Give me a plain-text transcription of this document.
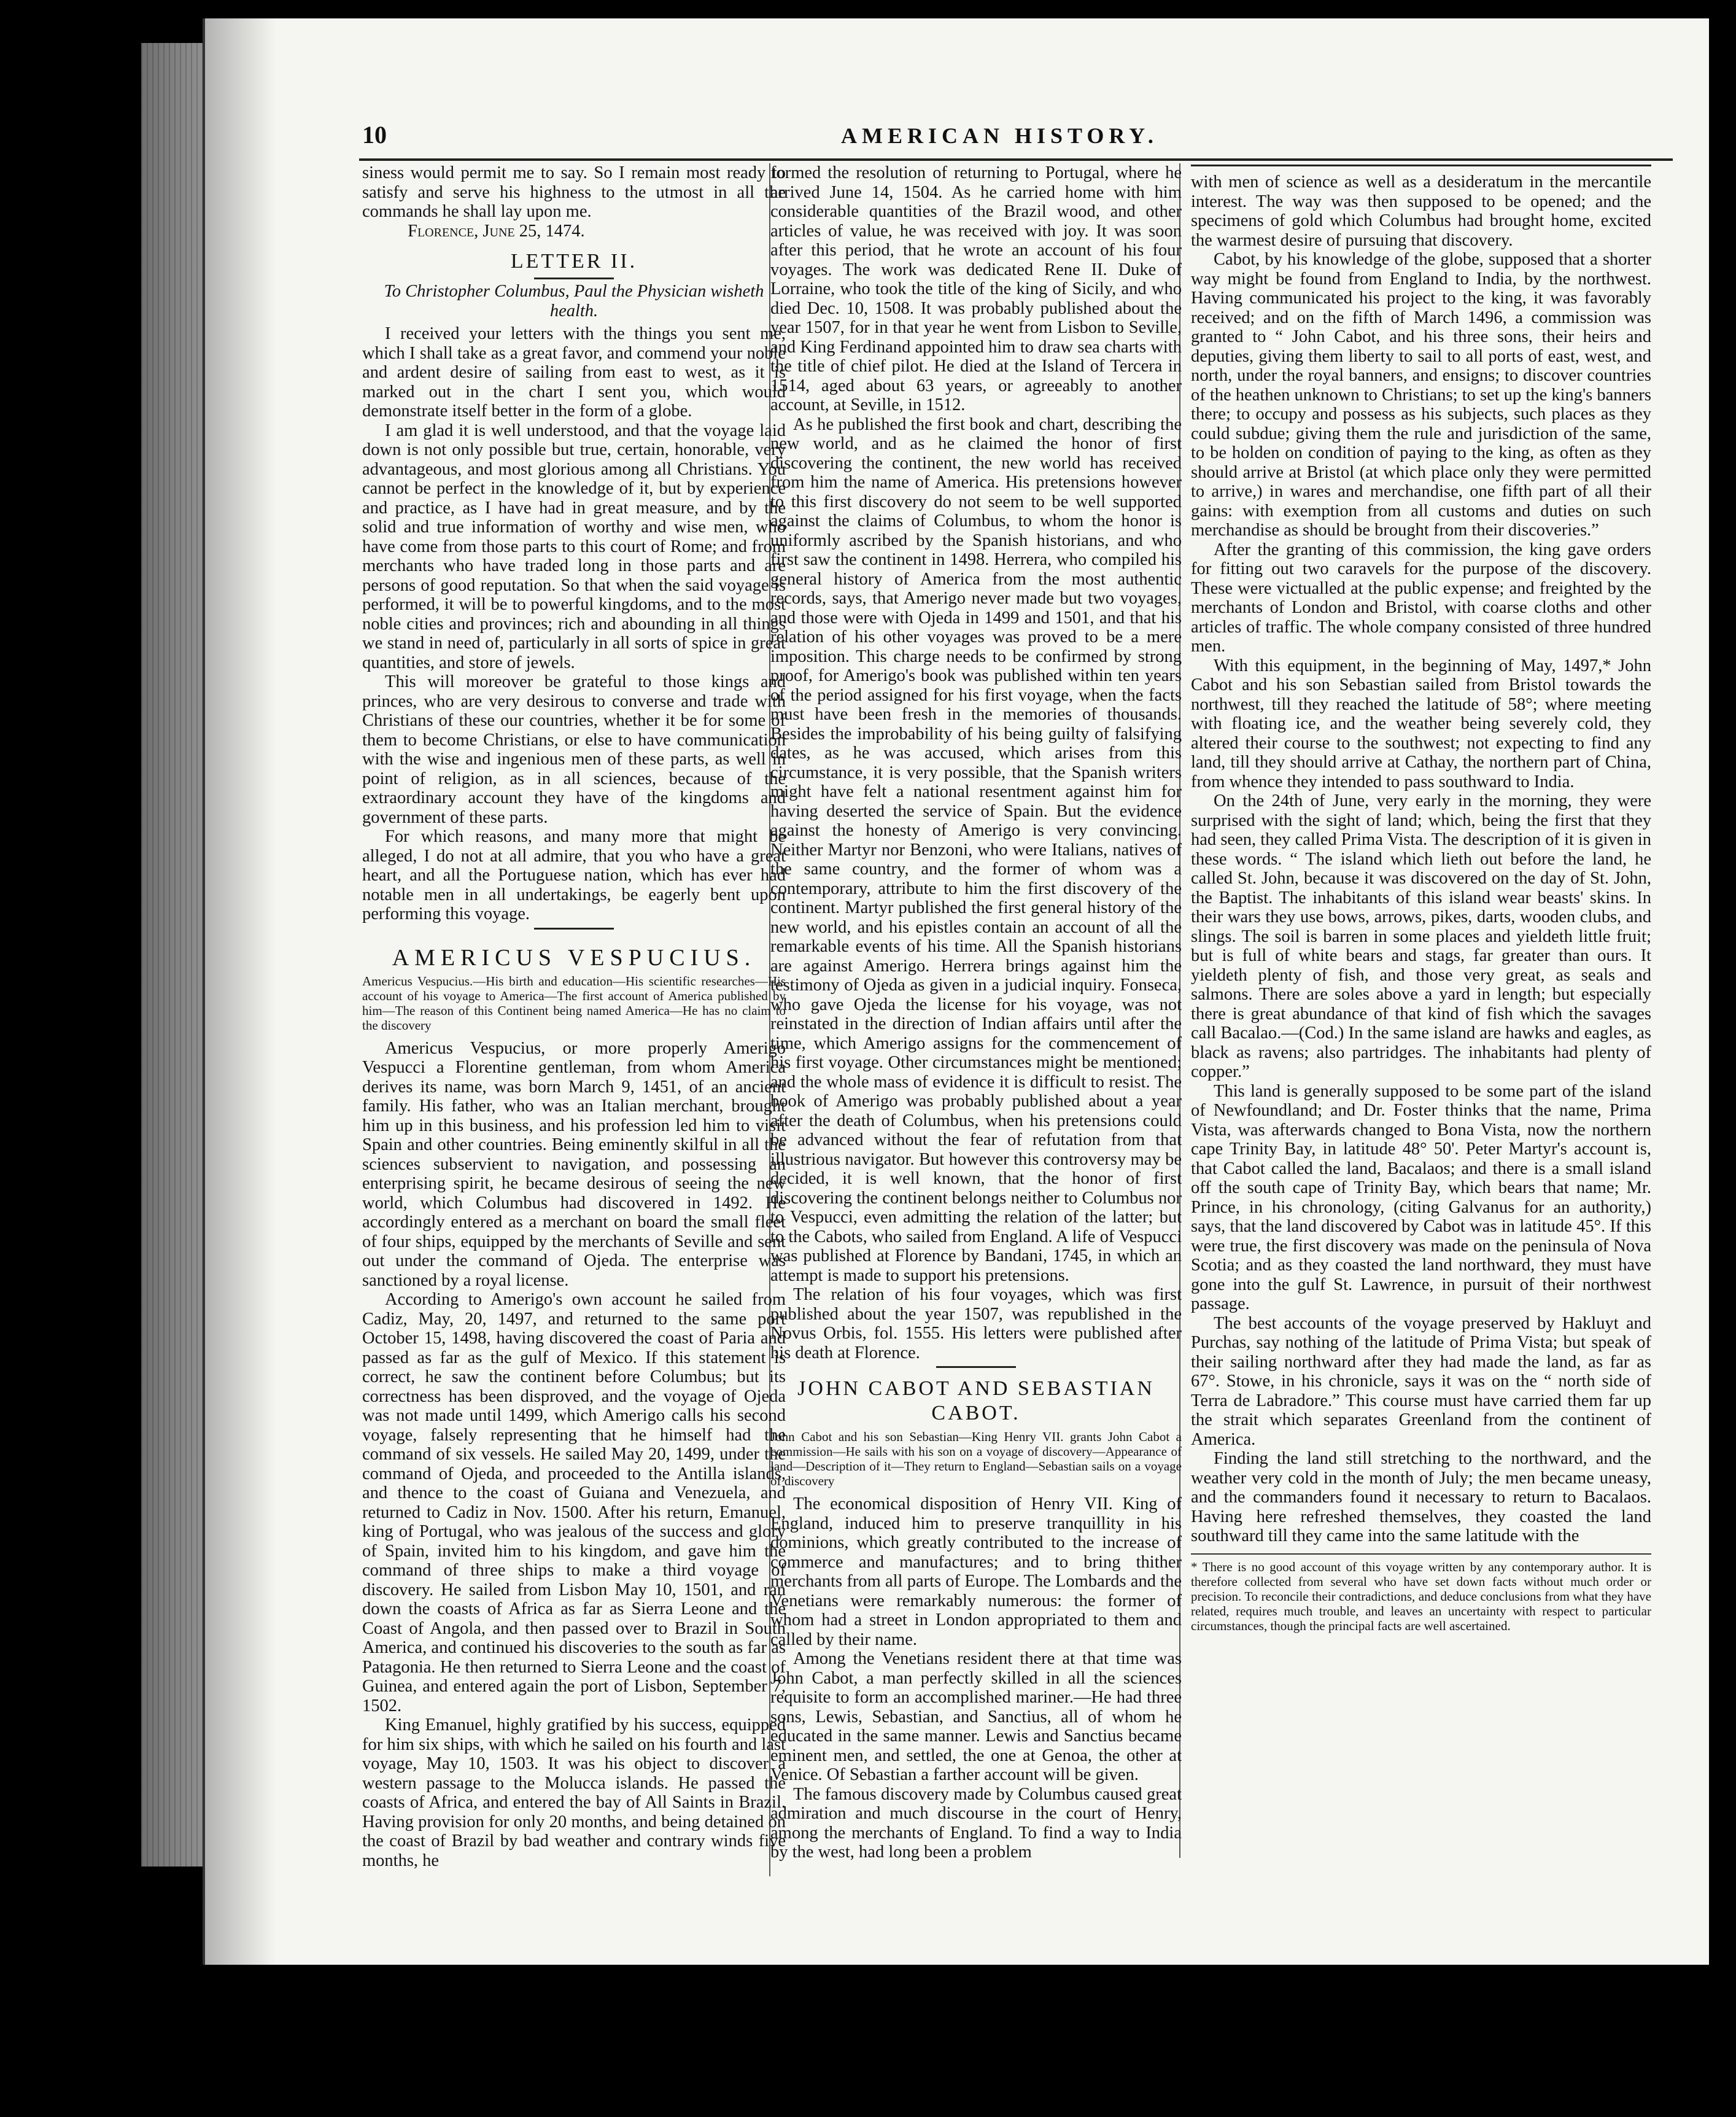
10	AMERICAN HISTORY.

siness would permit me to say. So I remain most ready to satisfy and serve his highness to the utmost in all the commands he shall lay upon me.

Florence, June 25, 1474.

LETTER II.
To Christopher Columbus, Paul the Physician wisheth health.

I received your letters with the things you sent me, which I shall take as a great favor, and commend your noble and ardent desire of sailing from east to west, as it is marked out in the chart I sent you, which would demonstrate itself better in the form of a globe.

I am glad it is well understood, and that the voyage laid down is not only possible but true, certain, honorable, very advantageous, and most glorious among all Christians. You cannot be perfect in the knowledge of it, but by experience and practice, as I have had in great measure, and by the solid and true information of worthy and wise men, who have come from those parts to this court of Rome; and from merchants who have traded long in those parts and are persons of good reputation. So that when the said voyage is performed, it will be to powerful kingdoms, and to the most noble cities and provinces; rich and abounding in all things we stand in need of, particularly in all sorts of spice in great quantities, and store of jewels.

This will moreover be grateful to those kings and princes, who are very desirous to converse and trade with Christians of these our countries, whether it be for some of them to become Christians, or else to have communication with the wise and ingenious men of these parts, as well in point of religion, as in all sciences, because of the extraordinary account they have of the kingdoms and government of these parts.

For which reasons, and many more that might be alleged, I do not at all admire, that you who have a great heart, and all the Portuguese nation, which has ever had notable men in all undertakings, be eagerly bent upon performing this voyage.

AMERICUS VESPUCIUS.
Americus Vespucius.—His birth and education—His scientific researches—His account of his voyage to America—The first account of America published by him—The reason of this Continent being named America—He has no claim to the discovery

Americus Vespucius, or more properly Amerigo Vespucci a Florentine gentleman, from whom America derives its name, was born March 9, 1451, of an ancient family. His father, who was an Italian merchant, brought him up in this business, and his profession led him to visit Spain and other countries. Being eminently skilful in all the sciences subservient to navigation, and possessing an enterprising spirit, he became desirous of seeing the new world, which Columbus had discovered in 1492. He accordingly entered as a merchant on board the small fleet of four ships, equipped by the merchants of Seville and sent out under the command of Ojeda. The enterprise was sanctioned by a royal license.

According to Amerigo's own account he sailed from Cadiz, May, 20, 1497, and returned to the same port October 15, 1498, having discovered the coast of Paria and passed as far as the gulf of Mexico. If this statement is correct, he saw the continent before Columbus; but its correctness has been disproved, and the voyage of Ojeda was not made until 1499, which Amerigo calls his second voyage, falsely representing that he himself had the command of six vessels. He sailed May 20, 1499, under the command of Ojeda, and proceeded to the Antilla islands, and thence to the coast of Guiana and Venezuela, and returned to Cadiz in Nov. 1500. After his return, Emanuel, king of Portugal, who was jealous of the success and glory of Spain, invited him to his kingdom, and gave him the command of three ships to make a third voyage of discovery. He sailed from Lisbon May 10, 1501, and ran down the coasts of Africa as far as Sierra Leone and the Coast of Angola, and then passed over to Brazil in South America, and continued his discoveries to the south as far as Patagonia. He then returned to Sierra Leone and the coast of Guinea, and entered again the port of Lisbon, September 7, 1502.

King Emanuel, highly gratified by his success, equipped for him six ships, with which he sailed on his fourth and last voyage, May 10, 1503. It was his object to discover a western passage to the Molucca islands. He passed the coasts of Africa, and entered the bay of All Saints in Brazil. Having provision for only 20 months, and being detained on the coast of Brazil by bad weather and contrary winds five months, he

formed the resolution of returning to Portugal, where he arrived June 14, 1504. As he carried home with him considerable quantities of the Brazil wood, and other articles of value, he was received with joy. It was soon after this period, that he wrote an account of his four voyages. The work was dedicated Rene II. Duke of Lorraine, who took the title of the king of Sicily, and who died Dec. 10, 1508. It was probably published about the year 1507, for in that year he went from Lisbon to Seville, and King Ferdinand appointed him to draw sea charts with the title of chief pilot. He died at the Island of Tercera in 1514, aged about 63 years, or agreeably to another account, at Seville, in 1512.

As he published the first book and chart, describing the new world, and as he claimed the honor of first discovering the continent, the new world has received from him the name of America. His pretensions however to this first discovery do not seem to be well supported against the claims of Columbus, to whom the honor is uniformly ascribed by the Spanish historians, and who first saw the continent in 1498. Herrera, who compiled his general history of America from the most authentic records, says, that Amerigo never made but two voyages, and those were with Ojeda in 1499 and 1501, and that his relation of his other voyages was proved to be a mere imposition. This charge needs to be confirmed by strong proof, for Amerigo's book was published within ten years of the period assigned for his first voyage, when the facts must have been fresh in the memories of thousands. Besides the improbability of his being guilty of falsifying dates, as he was accused, which arises from this circumstance, it is very possible, that the Spanish writers might have felt a national resentment against him for having deserted the service of Spain. But the evidence against the honesty of Amerigo is very convincing. Neither Martyr nor Benzoni, who were Italians, natives of the same country, and the former of whom was a contemporary, attribute to him the first discovery of the continent. Martyr published the first general history of the new world, and his epistles contain an account of all the remarkable events of his time. All the Spanish historians are against Amerigo. Herrera brings against him the testimony of Ojeda as given in a judicial inquiry. Fonseca, who gave Ojeda the license for his voyage, was not reinstated in the direction of Indian affairs until after the time, which Amerigo assigns for the commencement of his first voyage. Other circumstances might be mentioned; and the whole mass of evidence it is difficult to resist. The book of Amerigo was probably published about a year after the death of Columbus, when his pretensions could be advanced without the fear of refutation from that illustrious navigator. But however this controversy may be decided, it is well known, that the honor of first discovering the continent belongs neither to Columbus nor to Vespucci, even admitting the relation of the latter; but to the Cabots, who sailed from England. A life of Vespucci was published at Florence by Bandani, 1745, in which an attempt is made to support his pretensions.

The relation of his four voyages, which was first published about the year 1507, was republished in the Novus Orbis, fol. 1555. His letters were published after his death at Florence.

JOHN CABOT AND SEBASTIAN CABOT.
John Cabot and his son Sebastian—King Henry VII. grants John Cabot a commission—He sails with his son on a voyage of discovery—Appearance of land—Description of it—They return to England—Sebastian sails on a voyage of discovery

The economical disposition of Henry VII. King of England, induced him to preserve tranquillity in his dominions, which greatly contributed to the increase of commerce and manufactures; and to bring thither merchants from all parts of Europe. The Lombards and the Venetians were remarkably numerous: the former of whom had a street in London appropriated to them and called by their name.

Among the Venetians resident there at that time was John Cabot, a man perfectly skilled in all the sciences requisite to form an accomplished mariner.—He had three sons, Lewis, Sebastian, and Sanctius, all of whom he educated in the same manner. Lewis and Sanctius became eminent men, and settled, the one at Genoa, the other at Venice. Of Sebastian a farther account will be given.

The famous discovery made by Columbus caused great admiration and much discourse in the court of Henry, among the merchants of England. To find a way to India by the west, had long been a problem

with men of science as well as a desideratum in the mercantile interest. The way was then supposed to be opened; and the specimens of gold which Columbus had brought home, excited the warmest desire of pursuing that discovery.

Cabot, by his knowledge of the globe, supposed that a shorter way might be found from England to India, by the northwest. Having communicated his project to the king, it was favorably received; and on the fifth of March 1496, a commission was granted to “ John Cabot, and his three sons, their heirs and deputies, giving them liberty to sail to all ports of east, west, and north, under the royal banners, and ensigns; to discover countries of the heathen unknown to Christians; to set up the king's banners there; to occupy and possess as his subjects, such places as they could subdue; giving them the rule and jurisdiction of the same, to be holden on condition of paying to the king, as often as they should arrive at Bristol (at which place only they were permitted to arrive,) in wares and merchandise, one fifth part of all their gains: with exemption from all customs and duties on such merchandise as should be brought from their discoveries.”

After the granting of this commission, the king gave orders for fitting out two caravels for the purpose of the discovery. These were victualled at the public expense; and freighted by the merchants of London and Bristol, with coarse cloths and other articles of traffic. The whole company consisted of three hundred men.

With this equipment, in the beginning of May, 1497,* John Cabot and his son Sebastian sailed from Bristol towards the northwest, till they reached the latitude of 58°; where meeting with floating ice, and the weather being severely cold, they altered their course to the southwest; not expecting to find any land, till they should arrive at Cathay, the northern part of China, from whence they intended to pass southward to India.

On the 24th of June, very early in the morning, they were surprised with the sight of land; which, being the first that they had seen, they called Prima Vista. The description of it is given in these words. “ The island which lieth out before the land, he called St. John, because it was discovered on the day of St. John, the Baptist. The inhabitants of this island wear beasts' skins. In their wars they use bows, arrows, pikes, darts, wooden clubs, and slings. The soil is barren in some places and yieldeth little fruit; but is full of white bears and stags, far greater than ours. It yieldeth plenty of fish, and those very great, as seals and salmons. There are soles above a yard in length; but especially there is great abundance of that kind of fish which the savages call Bacalao.—(Cod.) In the same island are hawks and eagles, as black as ravens; also partridges. The inhabitants had plenty of copper.”

This land is generally supposed to be some part of the island of Newfoundland; and Dr. Foster thinks that the name, Prima Vista, was afterwards changed to Bona Vista, now the northern cape Trinity Bay, in latitude 48° 50'. Peter Martyr's account is, that Cabot called the land, Bacalaos; and there is a small island off the south cape of Trinity Bay, which bears that name; Mr. Prince, in his chronology, (citing Galvanus for an authority,) says, that the land discovered by Cabot was in latitude 45°. If this were true, the first discovery was made on the peninsula of Nova Scotia; and as they coasted the land northward, they must have gone into the gulf St. Lawrence, in pursuit of their northwest passage.

The best accounts of the voyage preserved by Hakluyt and Purchas, say nothing of the latitude of Prima Vista; but speak of their sailing northward after they had made the land, as far as 67°. Stowe, in his chronicle, says it was on the “ north side of Terra de Labradore.” This course must have carried them far up the strait which separates Greenland from the continent of America.

Finding the land still stretching to the northward, and the weather very cold in the month of July; the men became uneasy, and the commanders found it necessary to return to Bacalaos. Having here refreshed themselves, they coasted the land southward till they came into the same latitude with the

* There is no good account of this voyage written by any contemporary author. It is therefore collected from several who have set down facts without much order or precision. To reconcile their contradictions, and deduce conclusions from what they have related, requires much trouble, and leaves an uncertainty with respect to particular circumstances, though the principal facts are well ascertained.
